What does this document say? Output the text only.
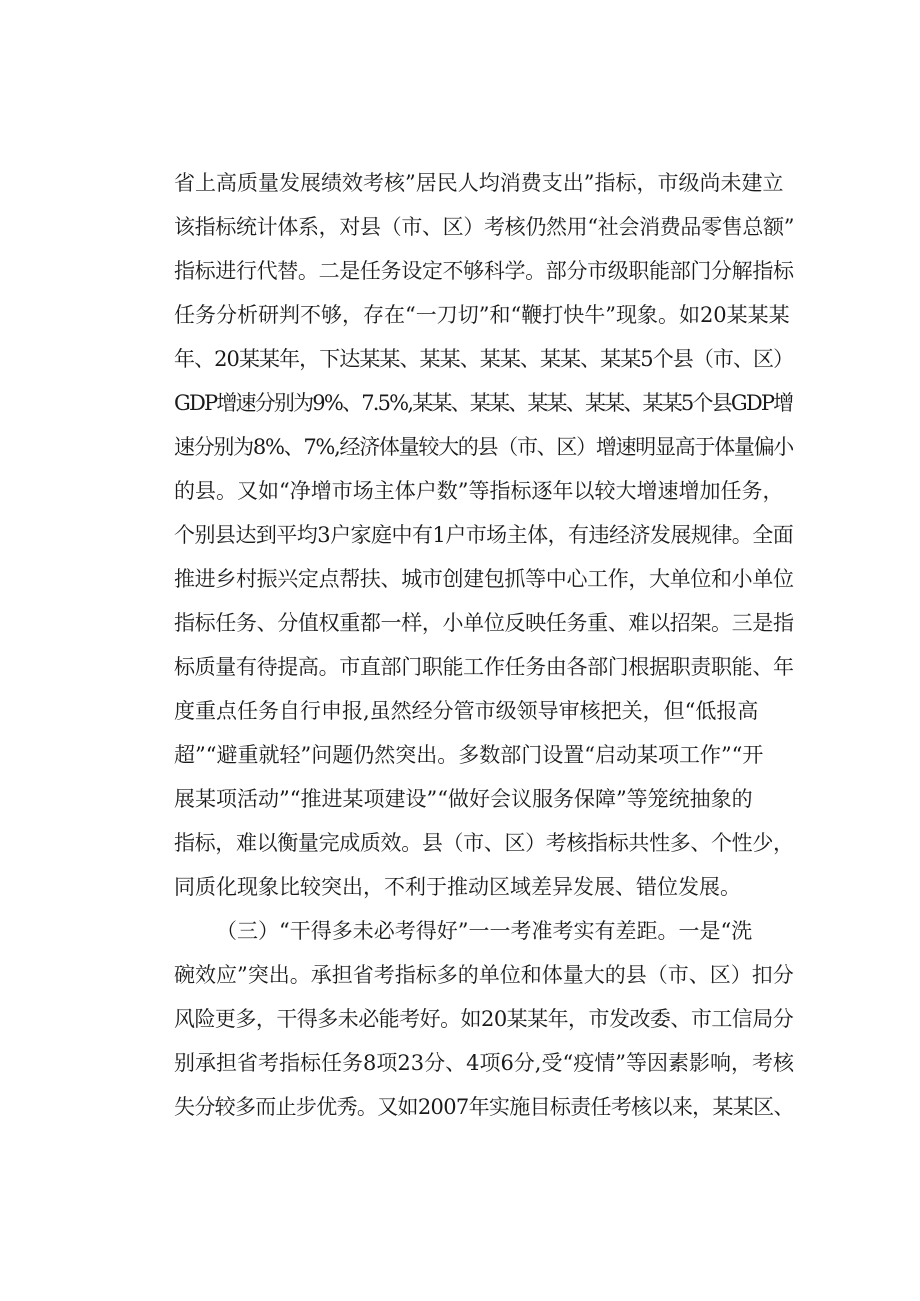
省上高质量发展绩效考核”居民人均消费支出”指标，市级尚未建立
该指标统计体系，对县（市、区）考核仍然用“社会消费品零售总额”
指标进行代替。二是任务设定不够科学。部分市级职能部门分解指标
任务分析研判不够，存在“一刀切”和“鞭打快牛”现象。如20某某某
年、20某某年，下达某某、某某、某某、某某、某某5个县（市、区）
GDP增速分别为9%、7.5%,某某、某某、某某、某某、某某5个县GDP增
速分别为8%、7%,经济体量较大的县（市、区）增速明显高于体量偏小
的县。又如“净增市场主体户数”等指标逐年以较大增速增加任务，
个别县达到平均3户家庭中有1户市场主体，有违经济发展规律。全面
推进乡村振兴定点帮扶、城市创建包抓等中心工作，大单位和小单位
指标任务、分值权重都一样，小单位反映任务重、难以招架。三是指
标质量有待提高。市直部门职能工作任务由各部门根据职责职能、年
度重点任务自行申报,虽然经分管市级领导审核把关，但“低报高
超”“避重就轻”问题仍然突出。多数部门设置“启动某项工作”“开
展某项活动”“推进某项建设”“做好会议服务保障”等笼统抽象的
指标，难以衡量完成质效。县（市、区）考核指标共性多、个性少，
同质化现象比较突出，不利于推动区域差异发展、错位发展。
（三）“干得多未必考得好”一一考准考实有差距。一是“洗
碗效应”突出。承担省考指标多的单位和体量大的县（市、区）扣分
风险更多，干得多未必能考好。如20某某年，市发改委、市工信局分
别承担省考指标任务8项23分、4项6分,受“疫情”等因素影响，考核
失分较多而止步优秀。又如2007年实施目标责任考核以来，某某区、
